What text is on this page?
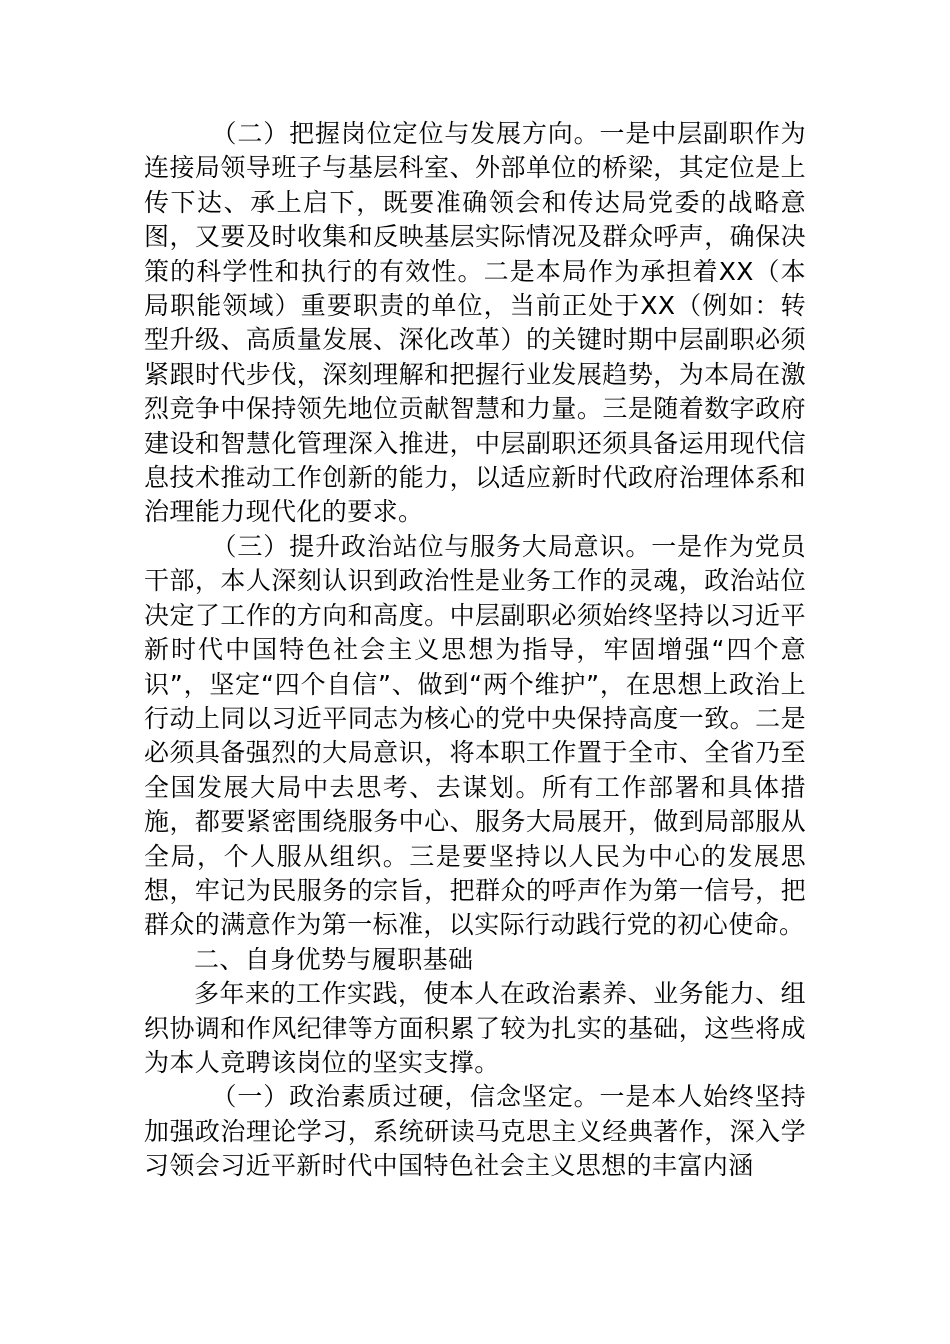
（二）把握岗位定位与发展方向。一是中层副职作为连接局领导班子与基层科室、外部单位的桥梁，其定位是上传下达、承上启下，既要准确领会和传达局党委的战略意图，又要及时收集和反映基层实际情况及群众呼声，确保决策的科学性和执行的有效性。二是本局作为承担着XX（本局职能领域）重要职责的单位，当前正处于XX（例如：转型升级、高质量发展、深化改革）的关键时期中层副职必须紧跟时代步伐，深刻理解和把握行业发展趋势，为本局在激烈竞争中保持领先地位贡献智慧和力量。三是随着数字政府建设和智慧化管理深入推进，中层副职还须具备运用现代信息技术推动工作创新的能力，以适应新时代政府治理体系和治理能力现代化的要求。

（三）提升政治站位与服务大局意识。一是作为党员干部，本人深刻认识到政治性是业务工作的灵魂，政治站位决定了工作的方向和高度。中层副职必须始终坚持以习近平新时代中国特色社会主义思想为指导，牢固增强“四个意识”，坚定“四个自信”、做到“两个维护”，在思想上政治上行动上同以习近平同志为核心的党中央保持高度一致。二是必须具备强烈的大局意识，将本职工作置于全市、全省乃至全国发展大局中去思考、去谋划。所有工作部署和具体措施，都要紧密围绕服务中心、服务大局展开，做到局部服从全局，个人服从组织。三是要坚持以人民为中心的发展思想，牢记为民服务的宗旨，把群众的呼声作为第一信号，把群众的满意作为第一标准，以实际行动践行党的初心使命。

二、自身优势与履职基础

多年来的工作实践，使本人在政治素养、业务能力、组织协调和作风纪律等方面积累了较为扎实的基础，这些将成为本人竞聘该岗位的坚实支撑。

（一）政治素质过硬，信念坚定。一是本人始终坚持加强政治理论学习，系统研读马克思主义经典著作，深入学习领会习近平新时代中国特色社会主义思想的丰富内涵
